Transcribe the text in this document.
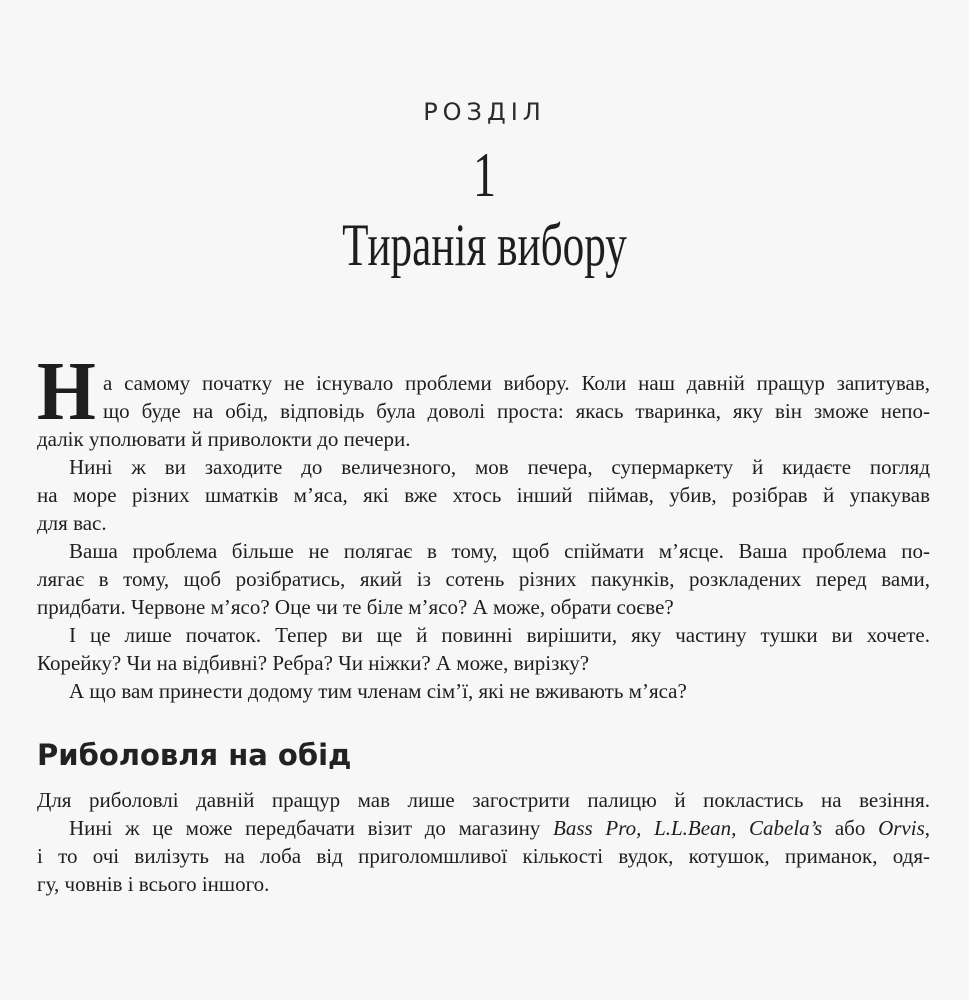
РОЗДІЛ
1
Тиранія вибору
Н а самому початку не існувало проблеми вибору. Коли наш давній пращур запитував,
що буде на обід, відповідь була доволі проста: якась тваринка, яку він зможе непо-
далік уполювати й приволокти до печери.
Нині ж ви заходите до величезного, мов печера, супермаркету й кидаєте погляд
на море різних шматків м’яса, які вже хтось інший піймав, убив, розібрав й упакував
для вас.
Ваша проблема більше не полягає в тому, щоб спіймати м’ясце. Ваша проблема по-
лягає в тому, щоб розібратись, який із сотень різних пакунків, розкладених перед вами,
придбати. Червоне м’ясо? Оце чи те біле м’ясо? А може, обрати соєве?
І це лише початок. Тепер ви ще й повинні вирішити, яку частину тушки ви хочете.
Корейку? Чи на відбивні? Ребра? Чи ніжки? А може, вирізку?
А що вам принести додому тим членам сім’ї, які не вживають м’яса?
Риболовля на обід
Для риболовлі давній пращур мав лише загострити палицю й покластись на везіння.
Нині ж це може передбачати візит до магазину Bass Pro, L.L.Bean, Cabela’s або Orvis,
і то очі вилізуть на лоба від приголомшливої кількості вудок, котушок, приманок, одя-
гу, човнів і всього іншого.
